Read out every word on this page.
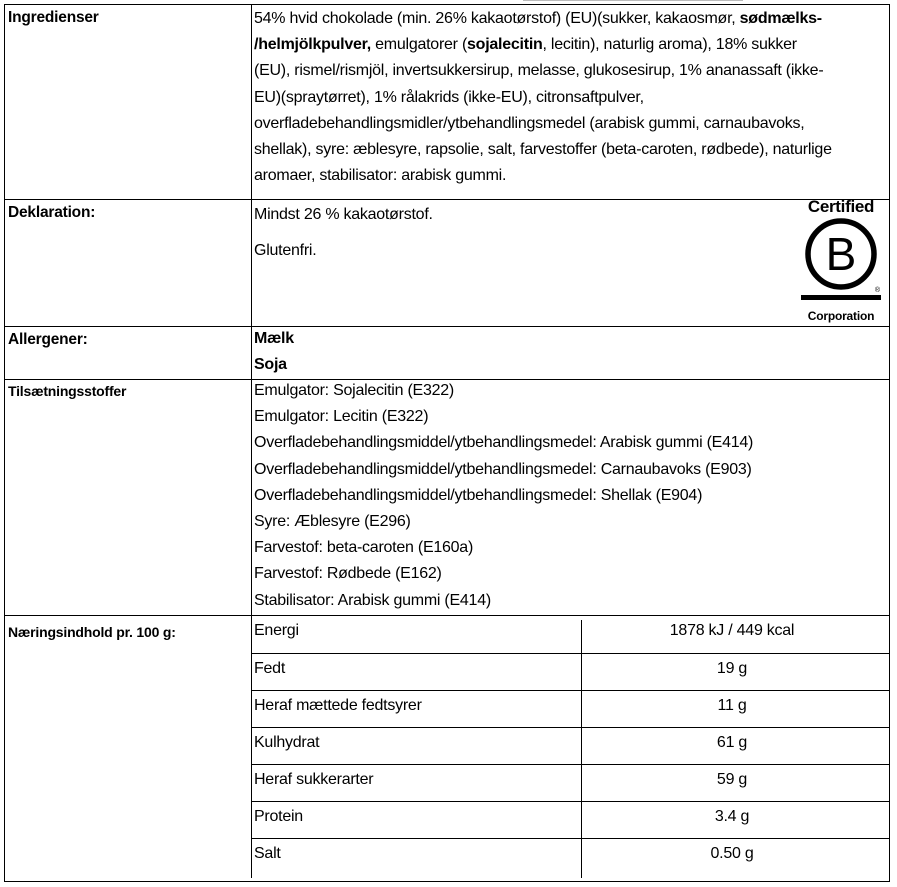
Ingredienser	54% hvid chokolade (min. 26% kakaotørstof) (EU)(sukker, kakaosmør, sødmælks-
/helmjölkpulver, emulgatorer (sojalecitin, lecitin), naturlig aroma), 18% sukker
(EU), rismel/rismjöl, invertsukkersirup, melasse, glukosesirup, 1% ananassaft (ikke-
EU)(spraytørret), 1% rålakrids (ikke-EU), citronsaftpulver,
overfladebehandlingsmidler/ytbehandlingsmedel (arabisk gummi, carnaubavoks,
shellak), syre: æblesyre, rapsolie, salt, farvestoffer (beta-caroten, rødbede), naturlige
aromaer, stabilisator: arabisk gummi.
Deklaration:	Mindst 26 % kakaotørstof.
Glutenfri.
Certified
B
®
Corporation
Allergener:	Mælk
Soja
Tilsætningsstoffer	Emulgator: Sojalecitin (E322)
Emulgator: Lecitin (E322)
Overfladebehandlingsmiddel/ytbehandlingsmedel: Arabisk gummi (E414)
Overfladebehandlingsmiddel/ytbehandlingsmedel: Carnaubavoks (E903)
Overfladebehandlingsmiddel/ytbehandlingsmedel: Shellak (E904)
Syre: Æblesyre (E296)
Farvestof: beta-caroten (E160a)
Farvestof: Rødbede (E162)
Stabilisator: Arabisk gummi (E414)
Næringsindhold pr. 100 g:	Energi	1878 kJ / 449 kcal
Fedt	19 g
Heraf mættede fedtsyrer	11 g
Kulhydrat	61 g
Heraf sukkerarter	59 g
Protein	3.4 g
Salt	0.50 g
